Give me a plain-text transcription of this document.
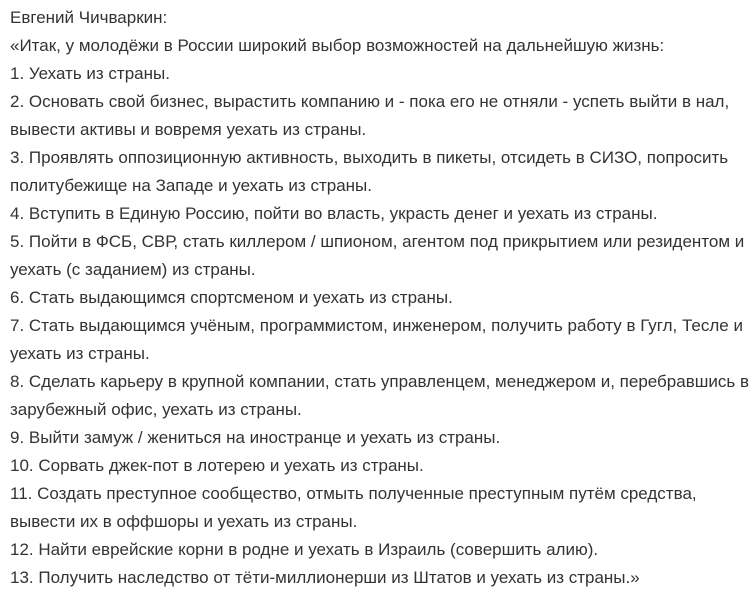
Евгений Чичваркин:

«Итак, у молодёжи в России широкий выбор возможностей на дальнейшую жизнь:

1. Уехать из страны.
2. Основать свой бизнес, вырастить компанию и - пока его не отняли - успеть выйти в нал, вывести активы и вовремя уехать из страны.
3. Проявлять оппозиционную активность, выходить в пикеты, отсидеть в СИЗО, попросить политубежище на Западе и уехать из страны.
4. Вступить в Единую Россию, пойти во власть, украсть денег и уехать из страны.
5. Пойти в ФСБ, СВР, стать киллером / шпионом, агентом под прикрытием или резидентом и уехать (с заданием) из страны.
6. Стать выдающимся спортсменом и уехать из страны.
7. Стать выдающимся учёным, программистом, инженером, получить работу в Гугл, Тесле и уехать из страны.
8. Сделать карьеру в крупной компании, стать управленцем, менеджером и, перебравшись в зарубежный офис, уехать из страны.
9. Выйти замуж / жениться на иностранце и уехать из страны.
10. Сорвать джек-пот в лотерею и уехать из страны.
11. Создать преступное сообщество, отмыть полученные преступным путём средства, вывести их в оффшоры и уехать из страны.
12. Найти еврейские корни в родне и уехать в Израиль (совершить алию).
13. Получить наследство от тёти-миллионерши из Штатов и уехать из страны.»
